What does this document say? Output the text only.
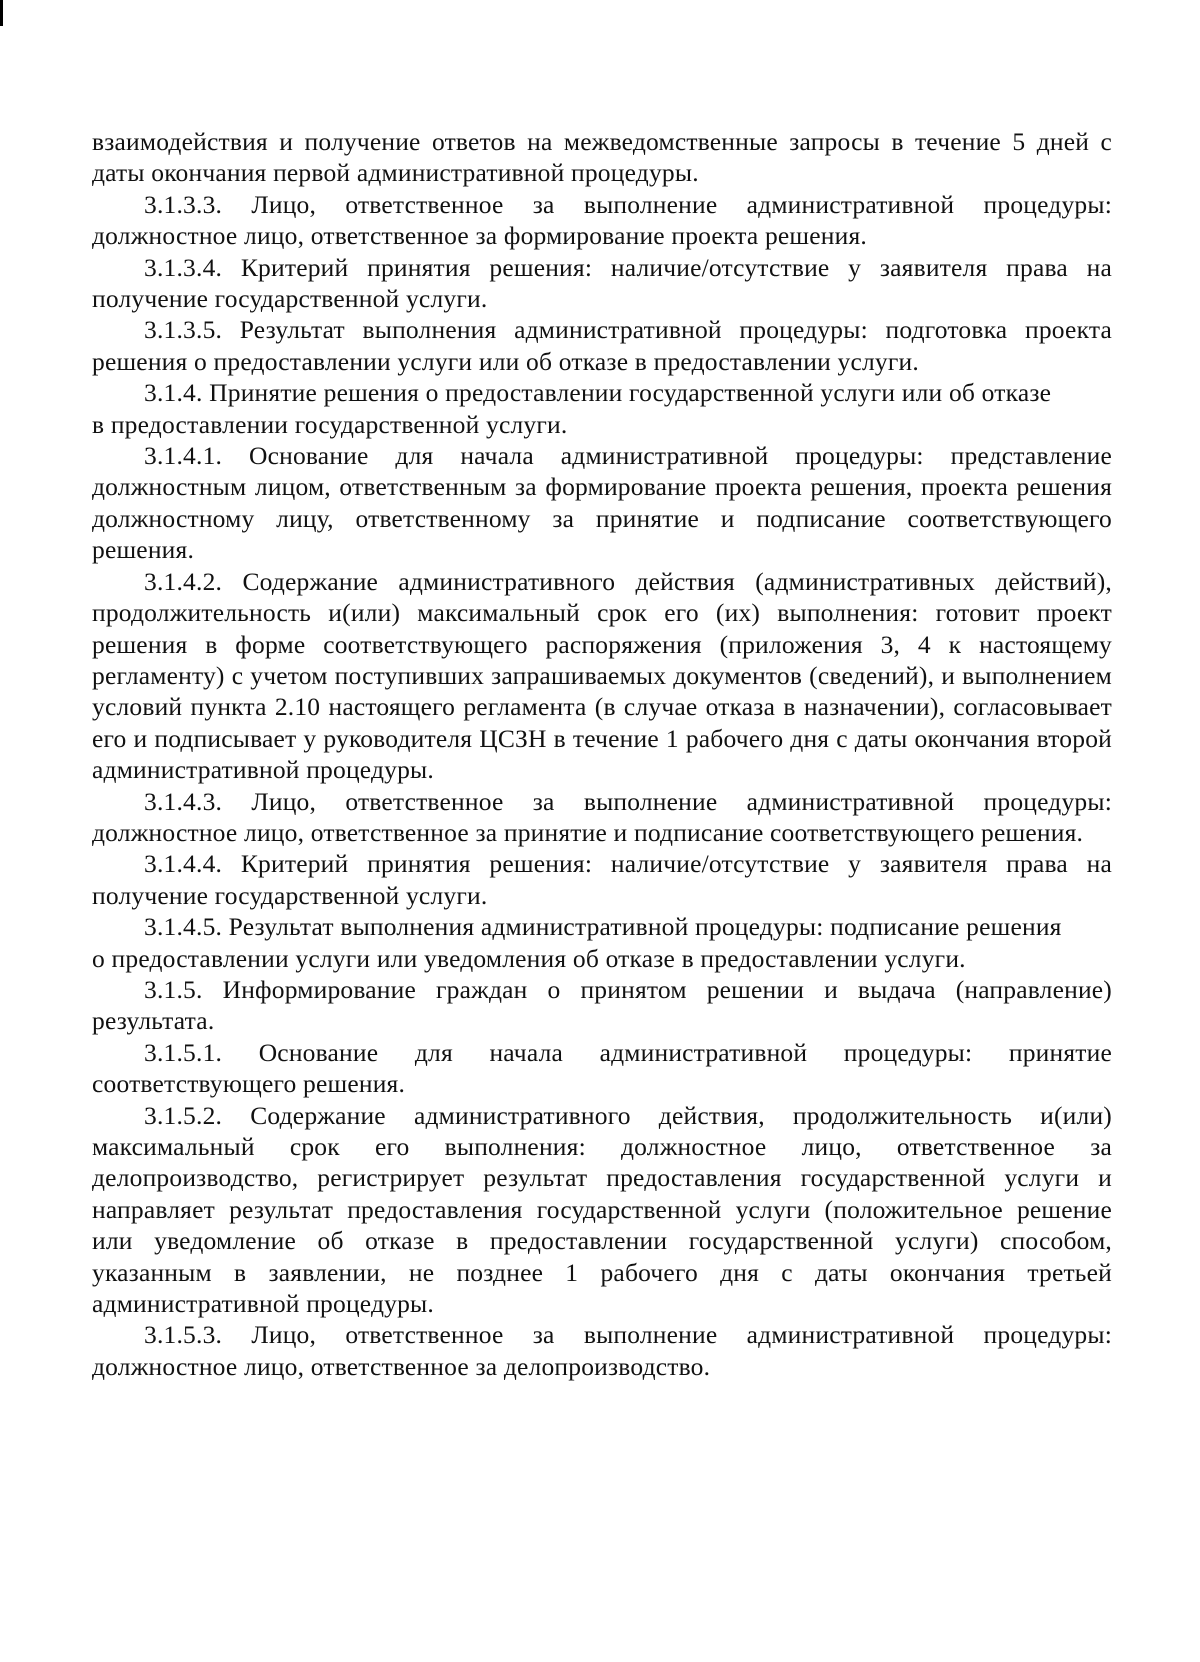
взаимодействия и получение ответов на межведомственные запросы в течение 5 дней с даты окончания первой административной процедуры.

3.1.3.3. Лицо, ответственное за выполнение административной процедуры: должностное лицо, ответственное за формирование проекта решения.

3.1.3.4. Критерий принятия решения: наличие/отсутствие у заявителя права на получение государственной услуги.

3.1.3.5. Результат выполнения административной процедуры: подготовка проекта решения о предоставлении услуги или об отказе в предоставлении услуги.

3.1.4. Принятие решения о предоставлении государственной услуги или об отказе

в предоставлении государственной услуги.

3.1.4.1. Основание для начала административной процедуры: представление должностным лицом, ответственным за формирование проекта решения, проекта решения должностному лицу, ответственному за принятие и подписание соответствующего решения.

3.1.4.2. Содержание административного действия (административных действий), продолжительность и(или) максимальный срок его (их) выполнения: готовит проект решения в форме соответствующего распоряжения (приложения 3, 4 к настоящему регламенту) с учетом поступивших запрашиваемых документов (сведений), и выполнением условий пункта 2.10 настоящего регламента (в случае отказа в назначении), согласовывает его и подписывает у руководителя ЦСЗН в течение 1 рабочего дня с даты окончания второй административной процедуры.

3.1.4.3. Лицо, ответственное за выполнение административной процедуры: должностное лицо, ответственное за принятие и подписание соответствующего решения.

3.1.4.4. Критерий принятия решения: наличие/отсутствие у заявителя права на получение государственной услуги.

3.1.4.5. Результат выполнения административной процедуры: подписание решения

о предоставлении услуги или уведомления об отказе в предоставлении услуги.

3.1.5. Информирование граждан о принятом решении и выдача (направление) результата.

3.1.5.1. Основание для начала административной процедуры: принятие соответствующего решения.

3.1.5.2. Содержание административного действия, продолжительность и(или) максимальный срок его выполнения: должностное лицо, ответственное за делопроизводство, регистрирует результат предоставления государственной услуги и направляет результат предоставления государственной услуги (положительное решение или уведомление об отказе в предоставлении государственной услуги) способом, указанным в заявлении, не позднее 1 рабочего дня с даты окончания третьей административной процедуры.

3.1.5.3. Лицо, ответственное за выполнение административной процедуры: должностное лицо, ответственное за делопроизводство.
